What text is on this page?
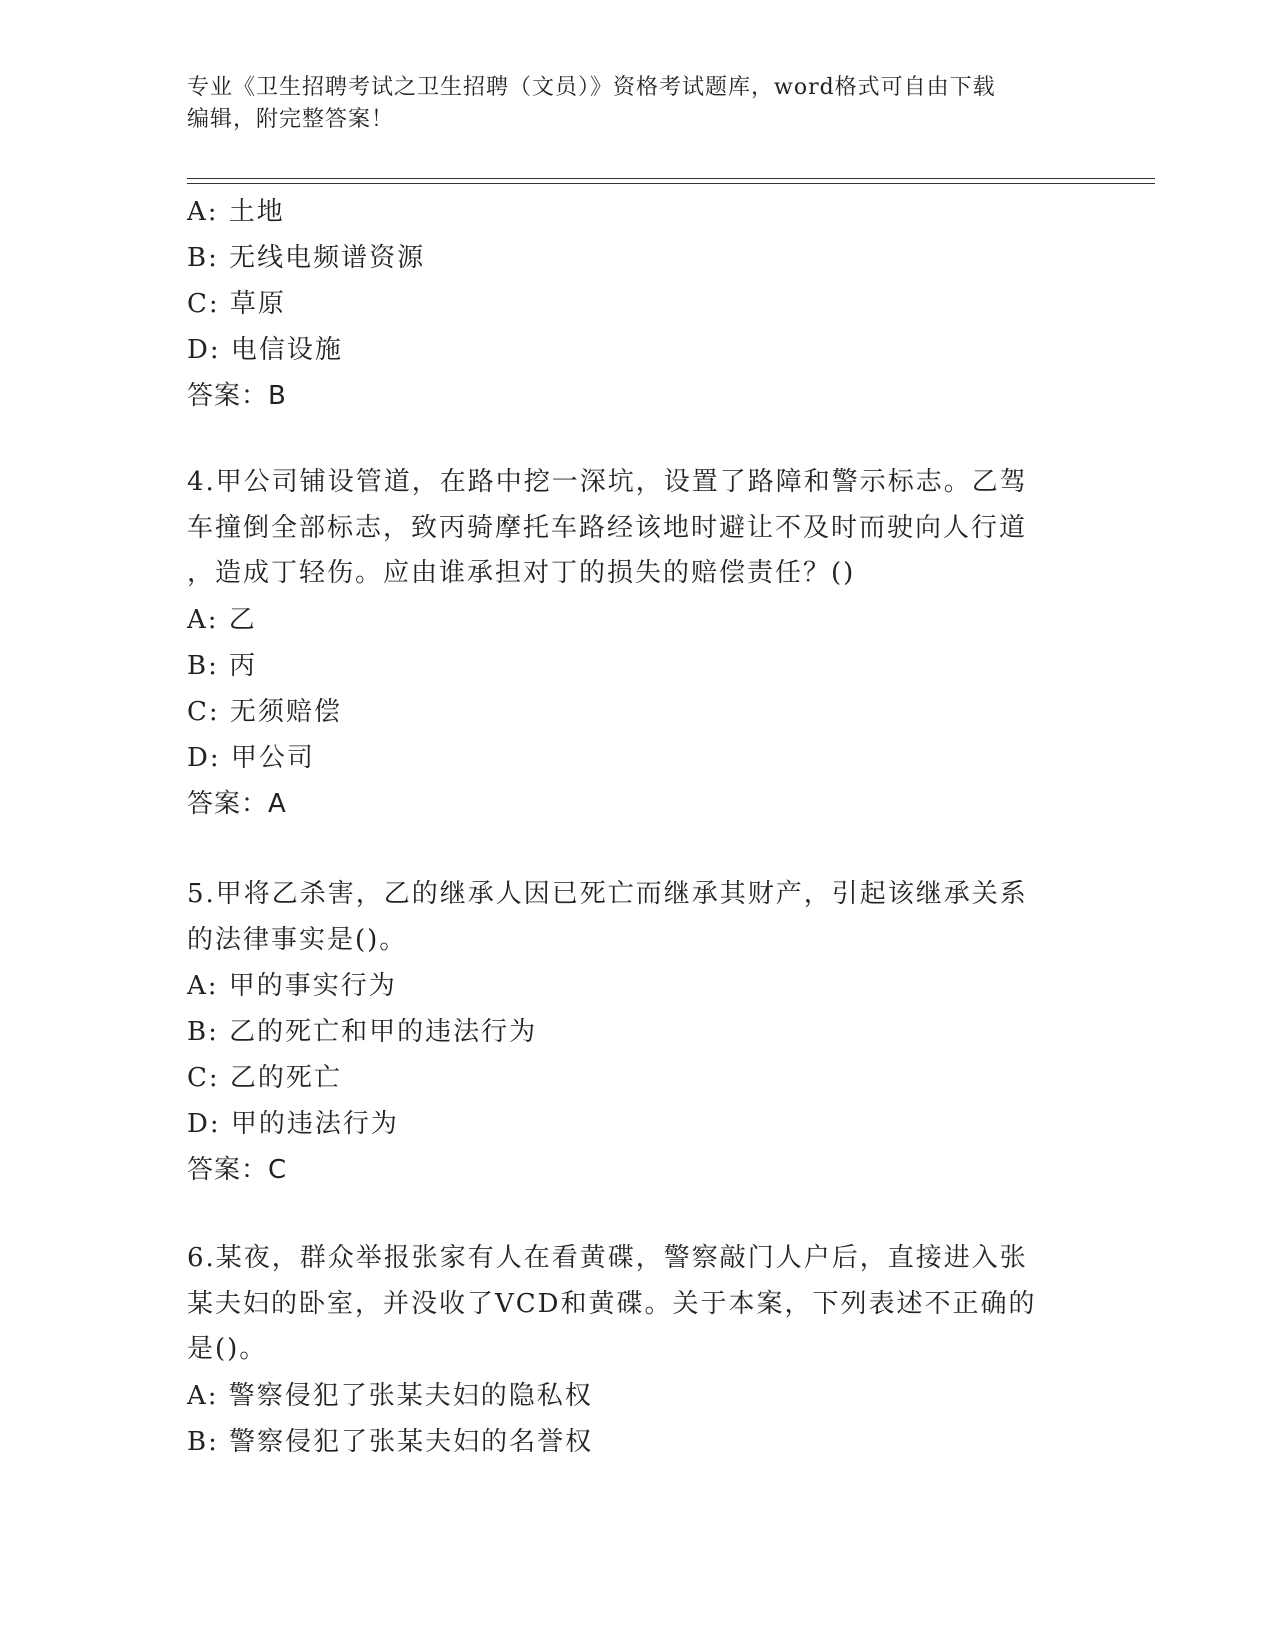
专业《卫生招聘考试之卫生招聘（文员）》资格考试题库，word格式可自由下载
编辑，附完整答案！
A: 土地
B: 无线电频谱资源
C: 草原
D: 电信设施
答案：B
4.甲公司铺设管道，在路中挖一深坑，设置了路障和警示标志。乙驾
车撞倒全部标志，致丙骑摩托车路经该地时避让不及时而驶向人行道
，造成丁轻伤。应由谁承担对丁的损失的赔偿责任？()
A: 乙
B: 丙
C: 无须赔偿
D: 甲公司
答案：A
5.甲将乙杀害，乙的继承人因已死亡而继承其财产，引起该继承关系
的法律事实是()。
A: 甲的事实行为
B: 乙的死亡和甲的违法行为
C: 乙的死亡
D: 甲的违法行为
答案：C
6.某夜，群众举报张家有人在看黄碟，警察敲门人户后，直接进入张
某夫妇的卧室，并没收了VCD和黄碟。关于本案，下列表述不正确的
是()。
A: 警察侵犯了张某夫妇的隐私权
B: 警察侵犯了张某夫妇的名誉权
